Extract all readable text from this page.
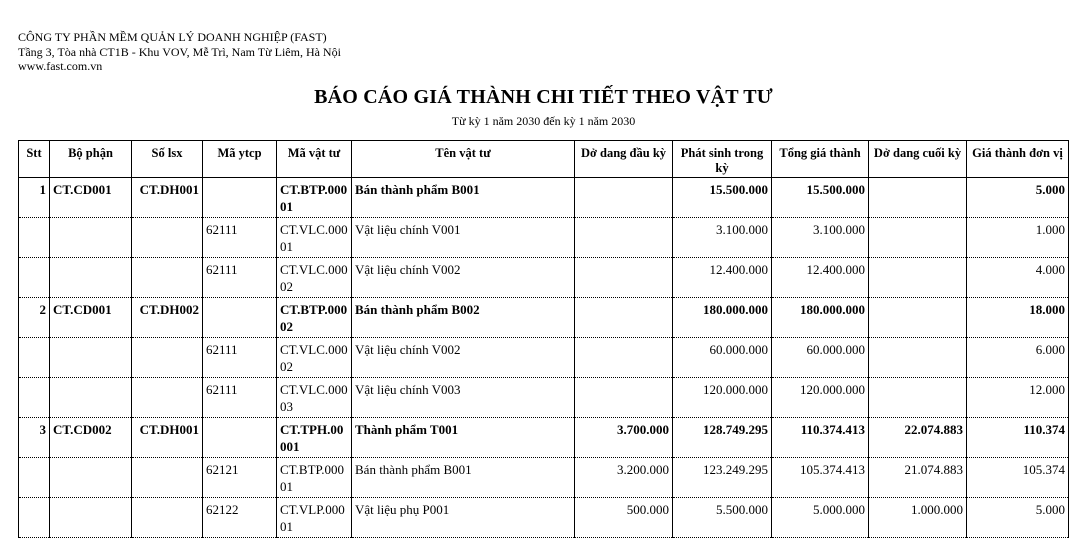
CÔNG TY PHẦN MỀM QUẢN LÝ DOANH NGHIỆP (FAST)
Tầng 3, Tòa nhà CT1B - Khu VOV, Mễ Trì, Nam Từ Liêm, Hà Nội
www.fast.com.vn
BÁO CÁO GIÁ THÀNH CHI TIẾT THEO VẬT TƯ
Từ kỳ 1 năm 2030 đến kỳ 1 năm 2030
Stt	Bộ phận	Số lsx	Mã ytcp	Mã vật tư	Tên vật tư	Dở dang đầu kỳ	Phát sinh trong kỳ	Tổng giá thành	Dở dang cuối kỳ	Giá thành đơn vị
1	CT.CD001	CT.DH001		CT.BTP.00001	Bán thành phẩm B001		15.500.000	15.500.000		5.000
			62111	CT.VLC.00001	Vật liệu chính V001		3.100.000	3.100.000		1.000
			62111	CT.VLC.00002	Vật liệu chính V002		12.400.000	12.400.000		4.000
2	CT.CD001	CT.DH002		CT.BTP.00002	Bán thành phẩm B002		180.000.000	180.000.000		18.000
			62111	CT.VLC.00002	Vật liệu chính V002		60.000.000	60.000.000		6.000
			62111	CT.VLC.00003	Vật liệu chính V003		120.000.000	120.000.000		12.000
3	CT.CD002	CT.DH001		CT.TPH.00001	Thành phẩm T001	3.700.000	128.749.295	110.374.413	22.074.883	110.374
			62121	CT.BTP.00001	Bán thành phẩm B001	3.200.000	123.249.295	105.374.413	21.074.883	105.374
			62122	CT.VLP.00001	Vật liệu phụ P001	500.000	5.500.000	5.000.000	1.000.000	5.000
